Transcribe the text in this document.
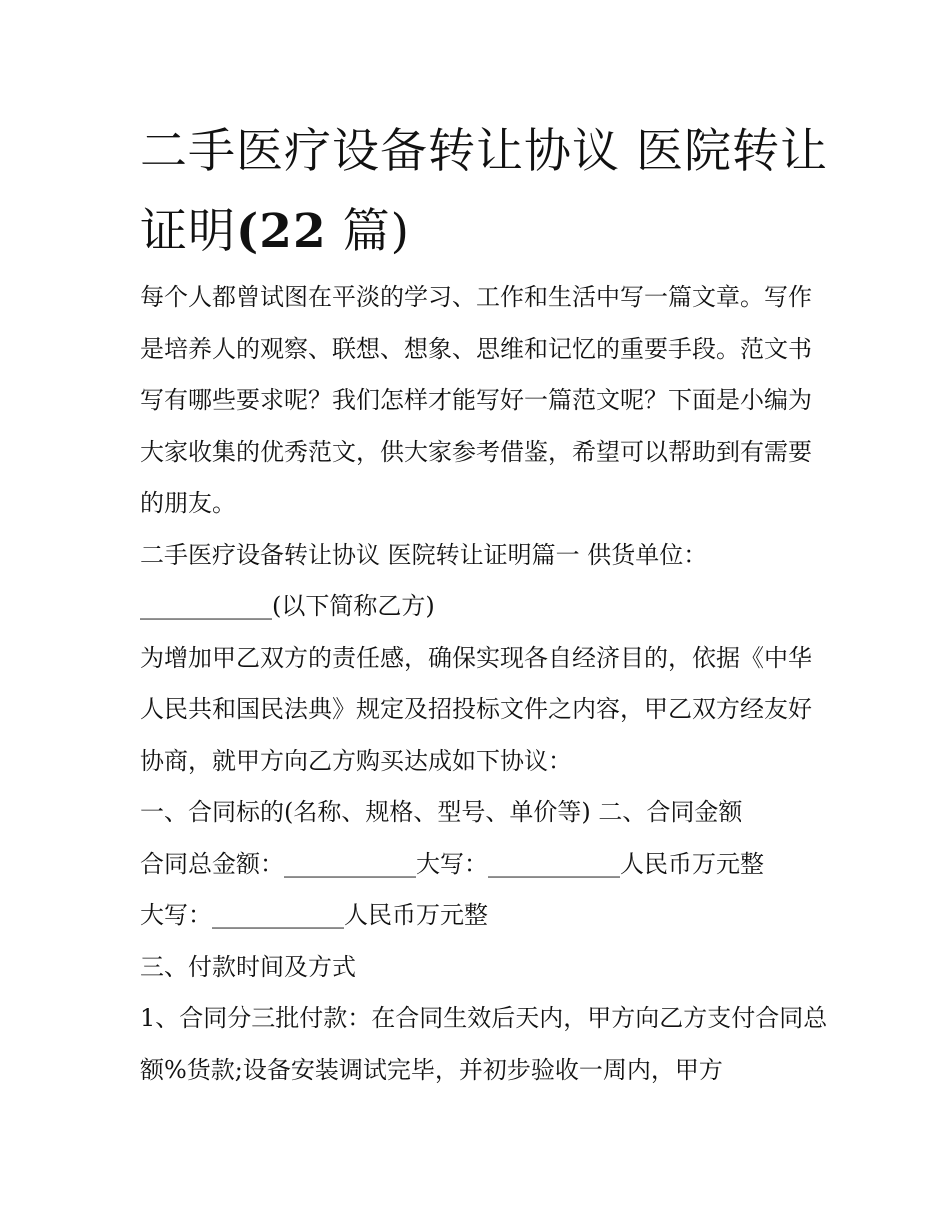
二手医疗设备转让协议 医院转让证明(22 篇)

每个人都曾试图在平淡的学习、工作和生活中写一篇文章。写作是培养人的观察、联想、想象、思维和记忆的重要手段。范文书写有哪些要求呢？我们怎样才能写好一篇范文呢？下面是小编为大家收集的优秀范文，供大家参考借鉴，希望可以帮助到有需要的朋友。

二手医疗设备转让协议 医院转让证明篇一 供货单位：

___________(以下简称乙方)

为增加甲乙双方的责任感，确保实现各自经济目的，依据《中华人民共和国民法典》规定及招投标文件之内容，甲乙双方经友好协商，就甲方向乙方购买达成如下协议：

一、合同标的(名称、规格、型号、单价等) 二、合同金额

合同总金额：___________大写：___________人民币万元整

大写：___________人民币万元整

三、付款时间及方式

1、合同分三批付款：在合同生效后天内，甲方向乙方支付合同总额%货款;设备安装调试完毕，并初步验收一周内，甲方
